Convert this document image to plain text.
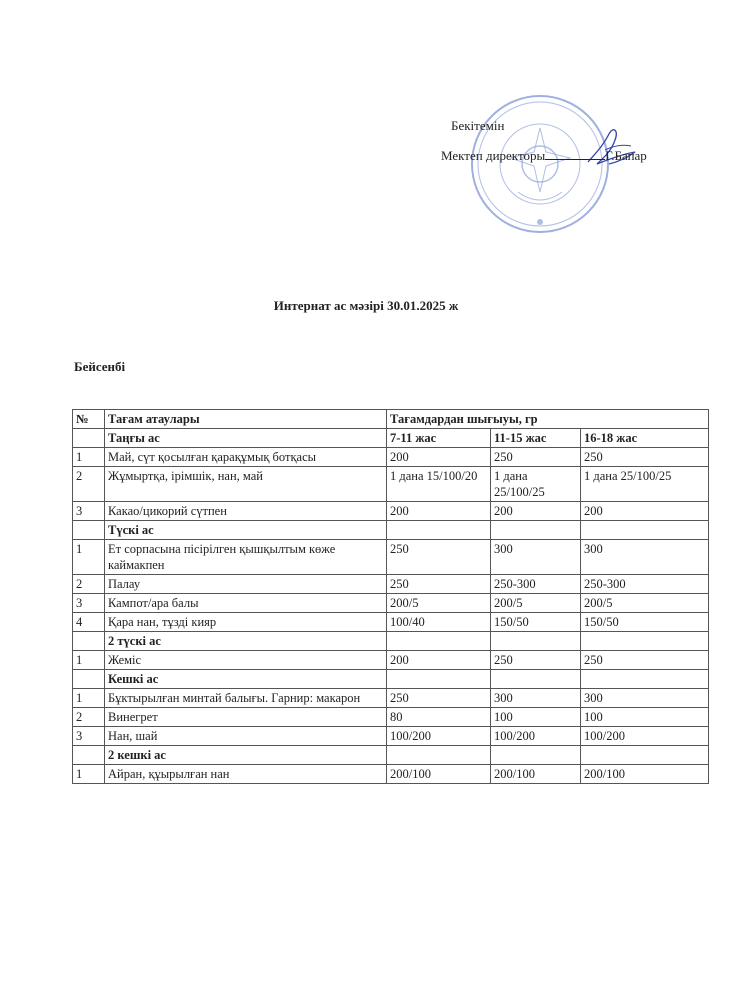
Бекітемін
Мектеп директоры	Г.Бапар
Интернат ас мәзірі 30.01.2025 ж
Бейсенбі
№	Тағам атаулары	Тағамдардан шығыуы, гр		
	Таңғы ас	7-11 жас	11-15 жас	16-18 жас
1	Май, сүт қосылған қарақұмық ботқасы	200	250	250
2	Жұмыртқа, ірімшік, нан, май	1 дана 15/100/20	1 дана 25/100/25	1 дана 25/100/25
3	Какао/цикорий сүтпен	200	200	200
	Түскі ас			
1	Ет сорпасына пісірілген қышқылтым көже каймакпен	250	300	300
2	Палау	250	250-300	250-300
3	Кампот/ара балы	200/5	200/5	200/5
4	Қара нан, тұзді кияр	100/40	150/50	150/50
	2 түскі ас			
1	Жеміс	200	250	250
	Кешкі ас			
1	Бұктырылған минтай балығы. Гарнир: макарон	250	300	300
2	Винегрет	80	100	100
3	Нан, шай	100/200	100/200	100/200
	2 кешкі ас			
1	Айран, құырылған нан	200/100	200/100	200/100
